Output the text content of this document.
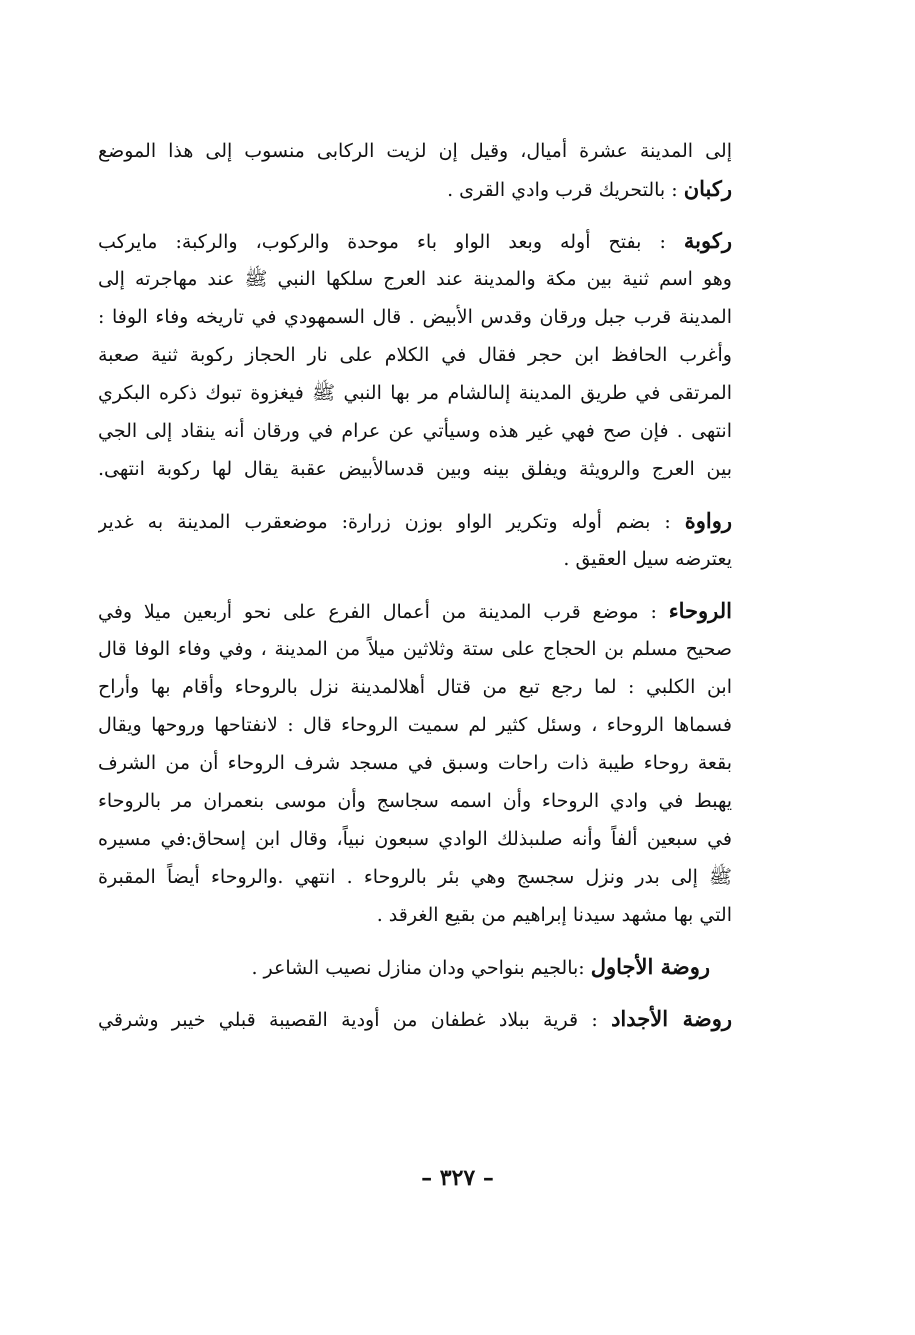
إلى المدينة عشرة أميال، وقيل إن لزيت الركابى منسوب إلى هذا الموضع
ركبان : بالتحريك قرب وادي القرى .
ركوبة : بفتح أوله وبعد الواو باء موحدة والركوب، والركبة: مايركب
وهو اسم ثنية بين مكة والمدينة عند العرج سلكها النبي ﷺ عند مهاجرته إلى
المدينة قرب جبل ورقان وقدس الأبيض . قال السمهودي في تاريخه وفاء الوفا :
وأغرب الحافظ ابن حجر فقال في الكلام على نار الحجاز ركوبة ثنية صعبة
المرتقى في طريق المدينة إلىالشام مر بها النبي ﷺ فيغزوة تبوك ذكره البكري
انتهى . فإن صح فهي غير هذه وسيأتي عن عرام في ورقان أنه ينقاد إلى الجي
بين العرج والرويثة ويفلق بينه وبين قدسالأبيض عقبة يقال لها ركوبة انتهى.
رواوة : بضم أوله وتكرير الواو بوزن زرارة: موضعقرب المدينة به غدير
يعترضه سيل العقيق .
الروحاء : موضع قرب المدينة من أعمال الفرع على نحو أربعين ميلا وفي
صحيح مسلم بن الحجاج على ستة وثلاثين ميلاً من المدينة ، وفي وفاء الوفا قال
ابن الكلبي : لما رجع تبع من قتال أهلالمدينة نزل بالروحاء وأقام بها وأراح
فسماها الروحاء ، وسئل كثير لم سميت الروحاء قال : لانفتاحها وروحها ويقال
بقعة روحاء طيبة ذات راحات وسبق في مسجد شرف الروحاء أن من الشرف
يهبط في وادي الروحاء وأن اسمه سجاسج وأن موسى بنعمران مر بالروحاء
في سبعين ألفاً وأنه صلىبذلك الوادي سبعون نبياً، وقال ابن إسحاق:في مسيره
ﷺ إلى بدر ونزل سجسج وهي بئر بالروحاء . انتهي .والروحاء أيضاً المقبرة
التي بها مشهد سيدنا إبراهيم من بقيع الغرقد .
روضة الأجاول :بالجيم بنواحي ودان منازل نصيب الشاعر .
روضة الأجداد : قرية ببلاد غطفان من أودية القصيبة قبلي خيبر وشرقي
– ٣٢٧ –
